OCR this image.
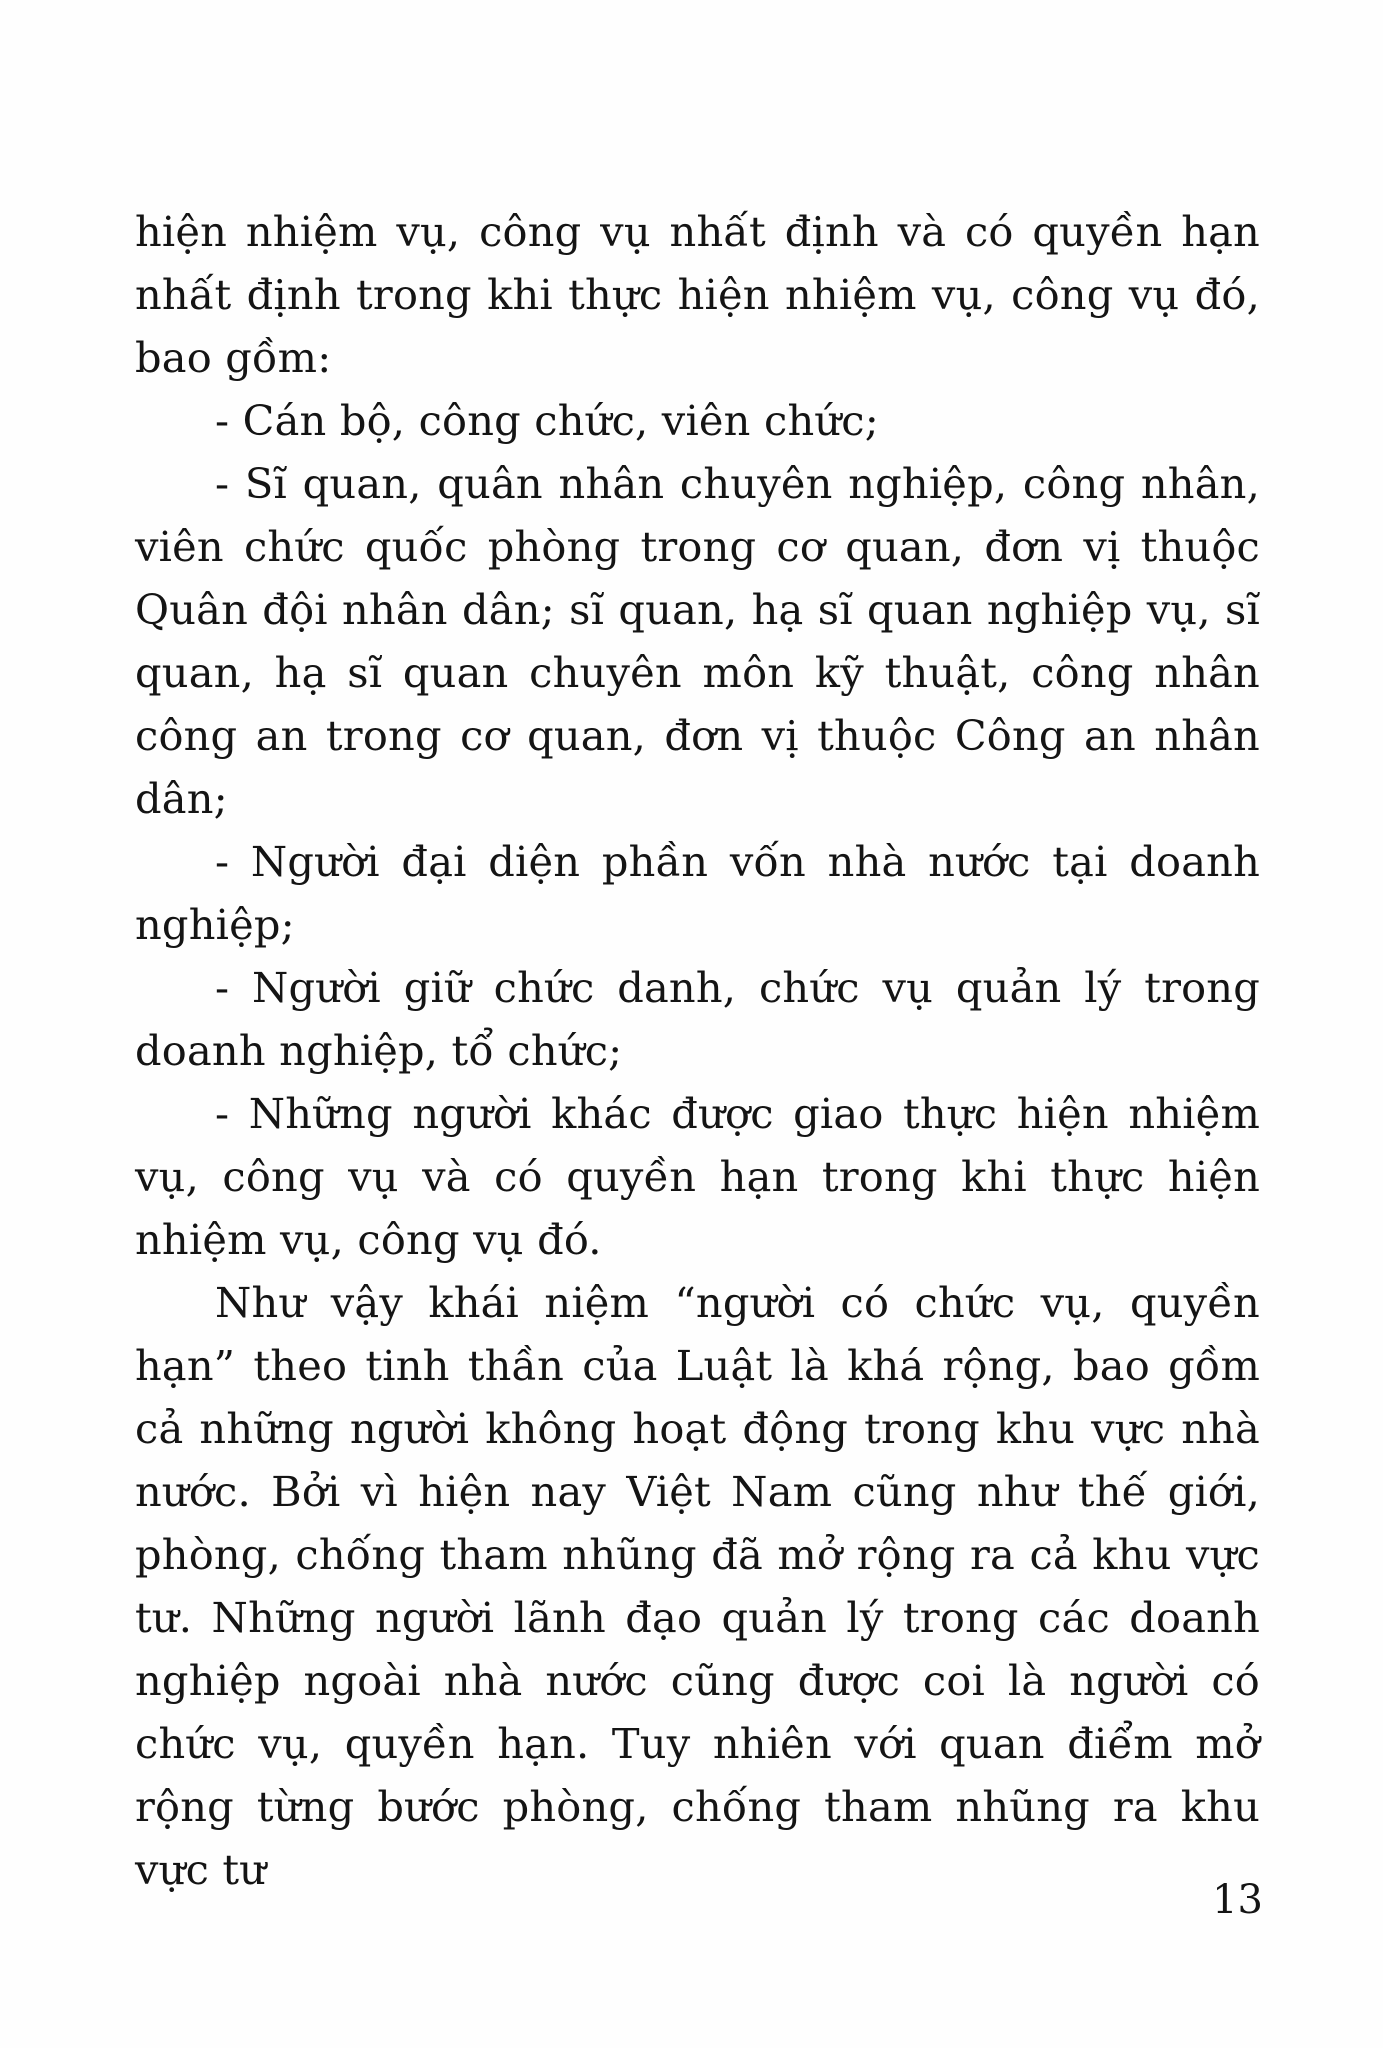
hiện nhiệm vụ, công vụ nhất định và có quyền hạn nhất định trong khi thực hiện nhiệm vụ, công vụ đó, bao gồm:

- Cán bộ, công chức, viên chức;

- Sĩ quan, quân nhân chuyên nghiệp, công nhân, viên chức quốc phòng trong cơ quan, đơn vị thuộc Quân đội nhân dân; sĩ quan, hạ sĩ quan nghiệp vụ, sĩ quan, hạ sĩ quan chuyên môn kỹ thuật, công nhân công an trong cơ quan, đơn vị thuộc Công an nhân dân;

- Người đại diện phần vốn nhà nước tại doanh nghiệp;

- Người giữ chức danh, chức vụ quản lý trong doanh nghiệp, tổ chức;

- Những người khác được giao thực hiện nhiệm vụ, công vụ và có quyền hạn trong khi thực hiện nhiệm vụ, công vụ đó.

Như vậy khái niệm “người có chức vụ, quyền hạn” theo tinh thần của Luật là khá rộng, bao gồm cả những người không hoạt động trong khu vực nhà nước. Bởi vì hiện nay Việt Nam cũng như thế giới, phòng, chống tham nhũng đã mở rộng ra cả khu vực tư. Những người lãnh đạo quản lý trong các doanh nghiệp ngoài nhà nước cũng được coi là người có chức vụ, quyền hạn. Tuy nhiên với quan điểm mở rộng từng bước phòng, chống tham nhũng ra khu vực tư

13
